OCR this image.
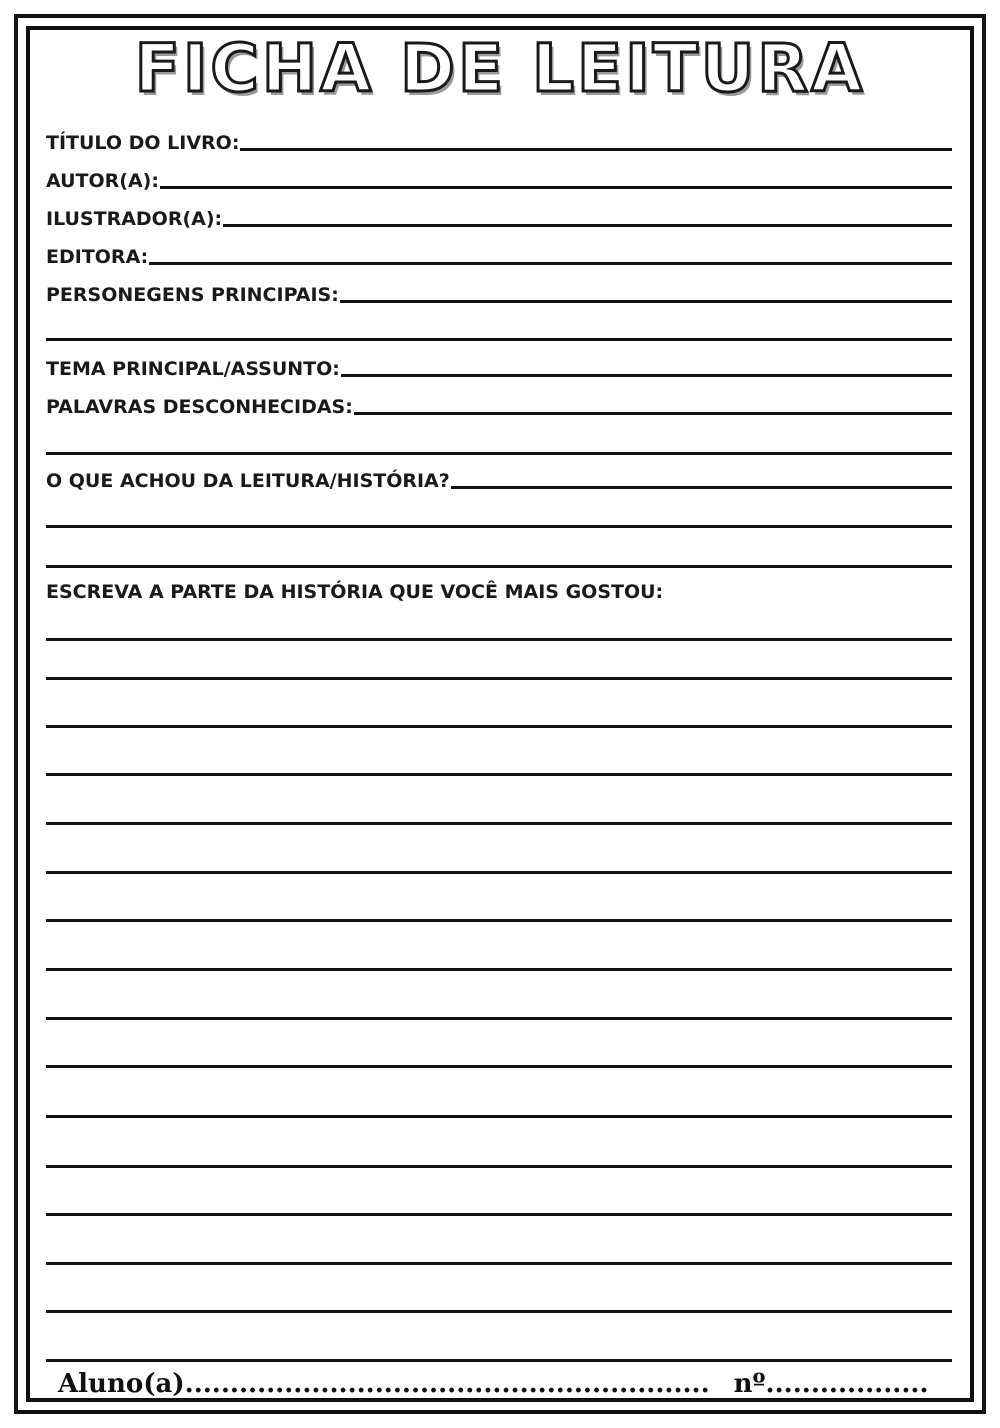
FICHA DE LEITURA
TÍTULO DO LIVRO:
AUTOR(A):
ILUSTRADOR(A):
EDITORA:
PERSONEGENS PRINCIPAIS:
TEMA PRINCIPAL/ASSUNTO:
PALAVRAS DESCONHECIDAS:
O QUE ACHOU DA LEITURA/HISTÓRIA?
ESCREVA A PARTE DA HISTÓRIA QUE VOCÊ MAIS GOSTOU:
Aluno(a).......................................................... nº..................
